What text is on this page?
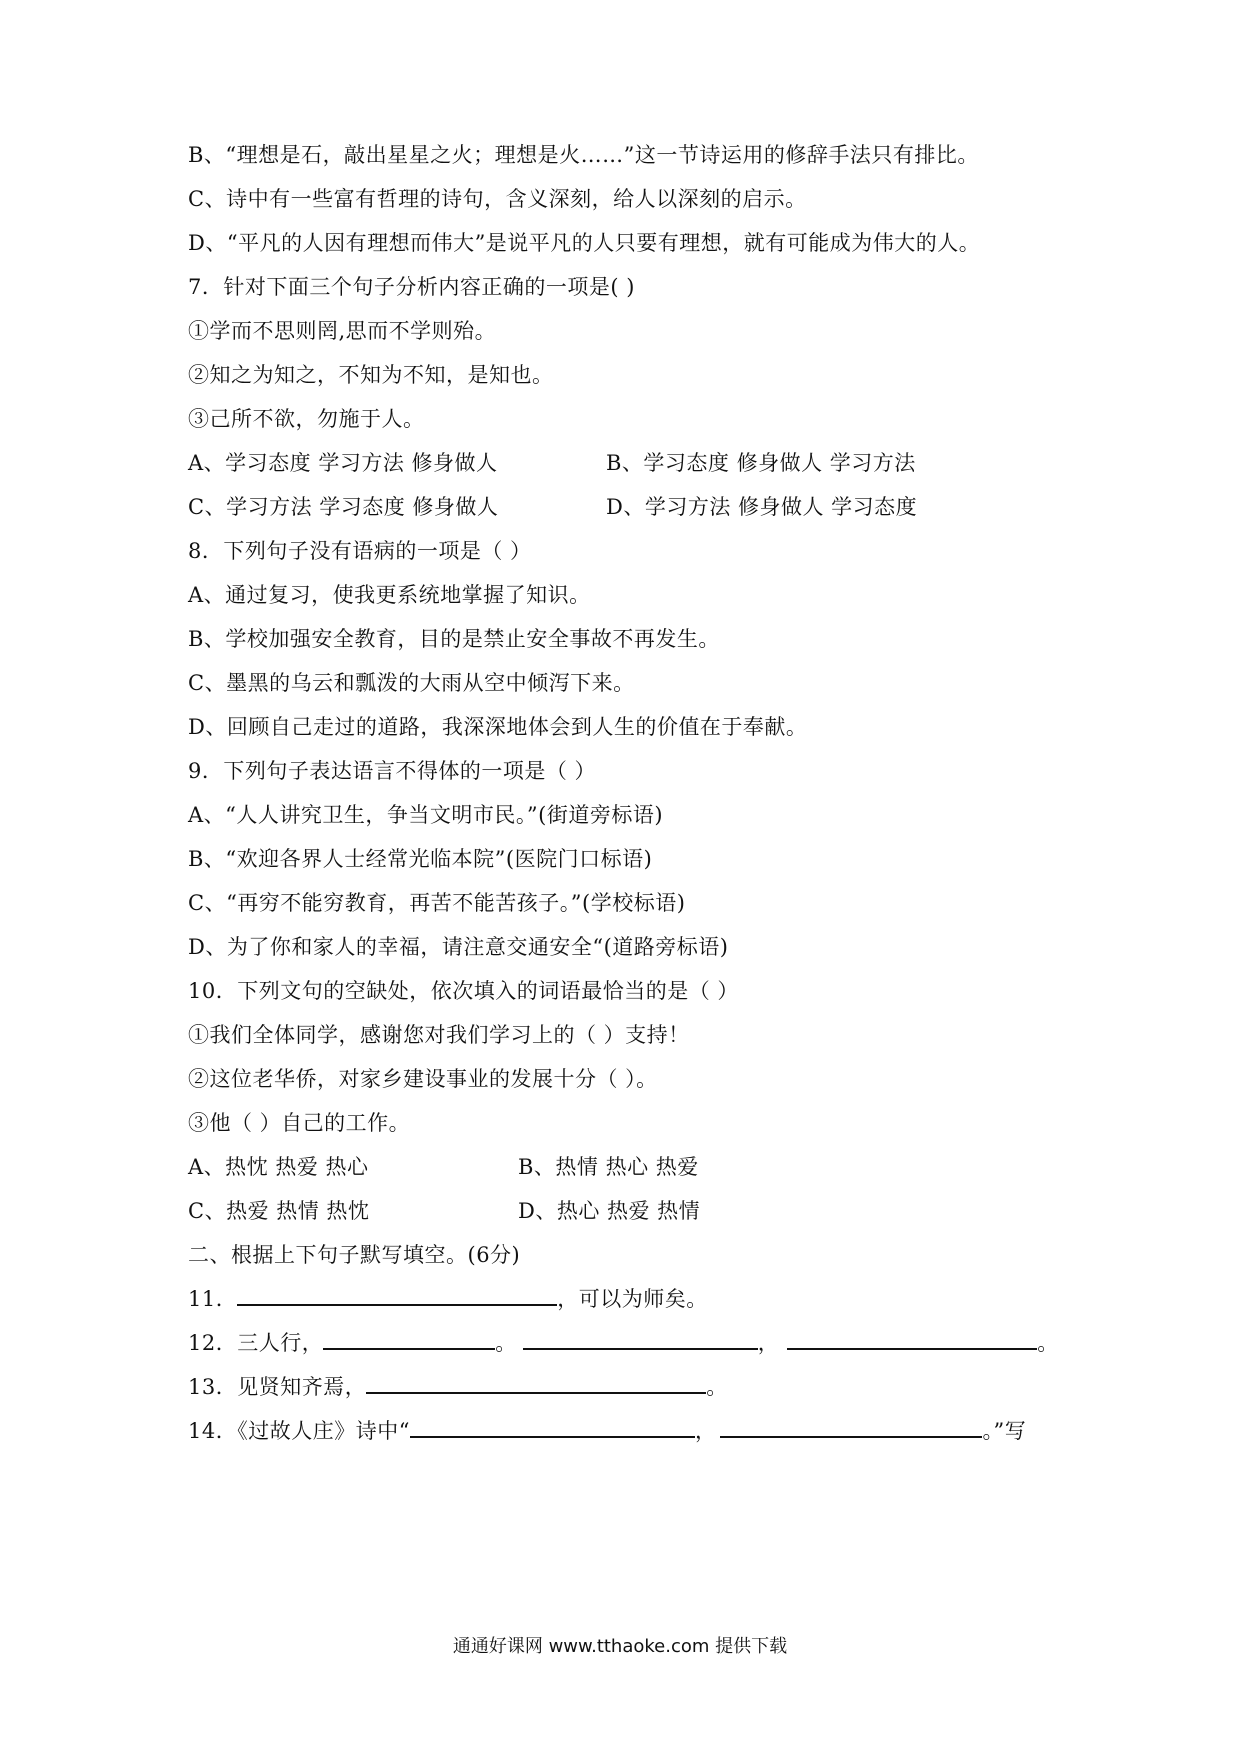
B、“理想是石，敲出星星之火；理想是火……”这一节诗运用的修辞手法只有排比。
C、诗中有一些富有哲理的诗句，含义深刻，给人以深刻的启示。
D、“平凡的人因有理想而伟大”是说平凡的人只要有理想，就有可能成为伟大的人。
7．针对下面三个句子分析内容正确的一项是( )
①学而不思则罔,思而不学则殆。
②知之为知之，不知为不知，是知也。
③己所不欲，勿施于人。
A、学习态度 学习方法 修身做人	B、学习态度 修身做人 学习方法
C、学习方法 学习态度 修身做人	D、学习方法 修身做人 学习态度
8．下列句子没有语病的一项是（ ）
A、通过复习，使我更系统地掌握了知识。
B、学校加强安全教育，目的是禁止安全事故不再发生。
C、墨黑的乌云和瓢泼的大雨从空中倾泻下来。
D、回顾自己走过的道路，我深深地体会到人生的价值在于奉献。
9．下列句子表达语言不得体的一项是（ ）
A、“人人讲究卫生，争当文明市民。”(街道旁标语)
B、“欢迎各界人士经常光临本院”(医院门口标语)
C、“再穷不能穷教育，再苦不能苦孩子。”(学校标语)
D、为了你和家人的幸福，请注意交通安全“(道路旁标语)
10．下列文句的空缺处，依次填入的词语最恰当的是（ ）
①我们全体同学，感谢您对我们学习上的（ ）支持！
②这位老华侨，对家乡建设事业的发展十分（ ）。
③他（ ）自己的工作。
A、热忱 热爱 热心	B、热情 热心 热爱
C、热爱 热情 热忱	D、热心 热爱 热情
二、根据上下句子默写填空。(6分)
11．	，可以为师矣。
12．三人行，	。	，	。
13．见贤知齐焉，	。
14．《过故人庄》诗中“	，	。”写
通通好课网 www.tthaoke.com 提供下载
